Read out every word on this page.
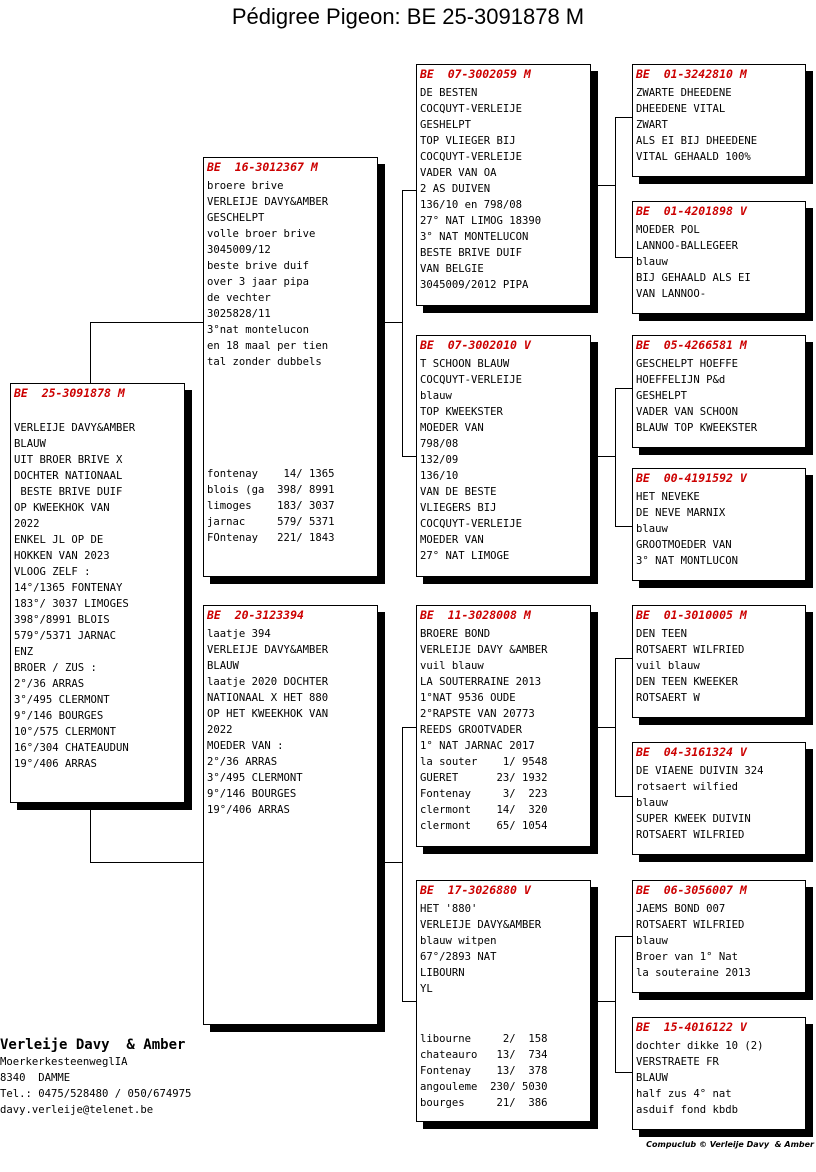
Pédigree Pigeon: BE 25-3091878 M
BE  25-3091878 M

VERLEIJE DAVY&AMBER
BLAUW
UIT BROER BRIVE X
DOCHTER NATIONAAL
BESTE BRIVE DUIF
OP KWEEKHOK VAN
2022
ENKEL JL OP DE
HOKKEN VAN 2023
VLOOG ZELF :
14°/1365 FONTENAY
183°/ 3037 LIMOGES
398°/8991 BLOIS
579°/5371 JARNAC
ENZ
BROER / ZUS :
2°/36 ARRAS
3°/495 CLERMONT
9°/146 BOURGES
10°/575 CLERMONT
16°/304 CHATEAUDUN
19°/406 ARRAS
BE  16-3012367 M
broere brive
VERLEIJE DAVY&AMBER
GESCHELPT
volle broer brive
3045009/12
beste brive duif
over 3 jaar pipa
de vechter
3025828/11
3°nat montelucon
en 18 maal per tien
tal zonder dubbels
fontenay    14/ 1365
blois (ga  398/ 8991
limoges    183/ 3037
jarnac     579/ 5371
FOntenay   221/ 1843
BE  20-3123394
laatje 394
VERLEIJE DAVY&AMBER
BLAUW
laatje 2020 DOCHTER
NATIONAAL X HET 880
OP HET KWEEKHOK VAN
2022
MOEDER VAN :
2°/36 ARRAS
3°/495 CLERMONT
9°/146 BOURGES
19°/406 ARRAS
BE  07-3002059 M
DE BESTEN
COCQUYT-VERLEIJE
GESHELPT
TOP VLIEGER BIJ
COCQUYT-VERLEIJE
VADER VAN OA
2 AS DUIVEN
136/10 en 798/08
27° NAT LIMOG 18390
3° NAT MONTELUCON
BESTE BRIVE DUIF
VAN BELGIE
3045009/2012 PIPA
BE  07-3002010 V
T SCHOON BLAUW
COCQUYT-VERLEIJE
blauw
TOP KWEEKSTER
MOEDER VAN
798/08
132/09
136/10
VAN DE BESTE
VLIEGERS BIJ
COCQUYT-VERLEIJE
MOEDER VAN
27° NAT LIMOGE
BE  11-3028008 M
BROERE BOND
VERLEIJE DAVY &AMBER
vuil blauw
LA SOUTERRAINE 2013
1°NAT 9536 OUDE
2°RAPSTE VAN 20773
REEDS GROOTVADER
1° NAT JARNAC 2017
la souter    1/ 9548
GUERET      23/ 1932
Fontenay     3/  223
clermont    14/  320
clermont    65/ 1054
BE  17-3026880 V
HET '880'
VERLEIJE DAVY&AMBER
blauw witpen
67°/2893 NAT
LIBOURN
YL
libourne     2/  158
chateauro   13/  734
Fontenay    13/  378
angouleme  230/ 5030
bourges     21/  386
BE  01-3242810 M
ZWARTE DHEEDENE
DHEEDENE VITAL
ZWART
ALS EI BIJ DHEEDENE
VITAL GEHAALD 100%
BE  01-4201898 V
MOEDER POL
LANNOO-BALLEGEER
blauw
BIJ GEHAALD ALS EI
VAN LANNOO-
BE  05-4266581 M
GESCHELPT HOEFFE
HOEFFELIJN P&d
GESHELPT
VADER VAN SCHOON
BLAUW TOP KWEEKSTER
BE  00-4191592 V
HET NEVEKE
DE NEVE MARNIX
blauw
GROOTMOEDER VAN
3° NAT MONTLUCON
BE  01-3010005 M
DEN TEEN
ROTSAERT WILFRIED
vuil blauw
DEN TEEN KWEEKER
ROTSAERT W
BE  04-3161324 V
DE VIAENE DUIVIN 324
rotsaert wilfied
blauw
SUPER KWEEK DUIVIN
ROTSAERT WILFRIED
BE  06-3056007 M
JAEMS BOND 007
ROTSAERT WILFRIED
blauw
Broer van 1° Nat
la souteraine 2013
BE  15-4016122 V
dochter dikke 10 (2)
VERSTRAETE FR
BLAUW
half zus 4° nat
asduif fond kbdb
Verleije Davy  & Amber
MoerkerkesteenweglIA
8340  DAMME
Tel.: 0475/528480 / 050/674975
davy.verleije@telenet.be
Compuclub © Verleije Davy  & Amber
